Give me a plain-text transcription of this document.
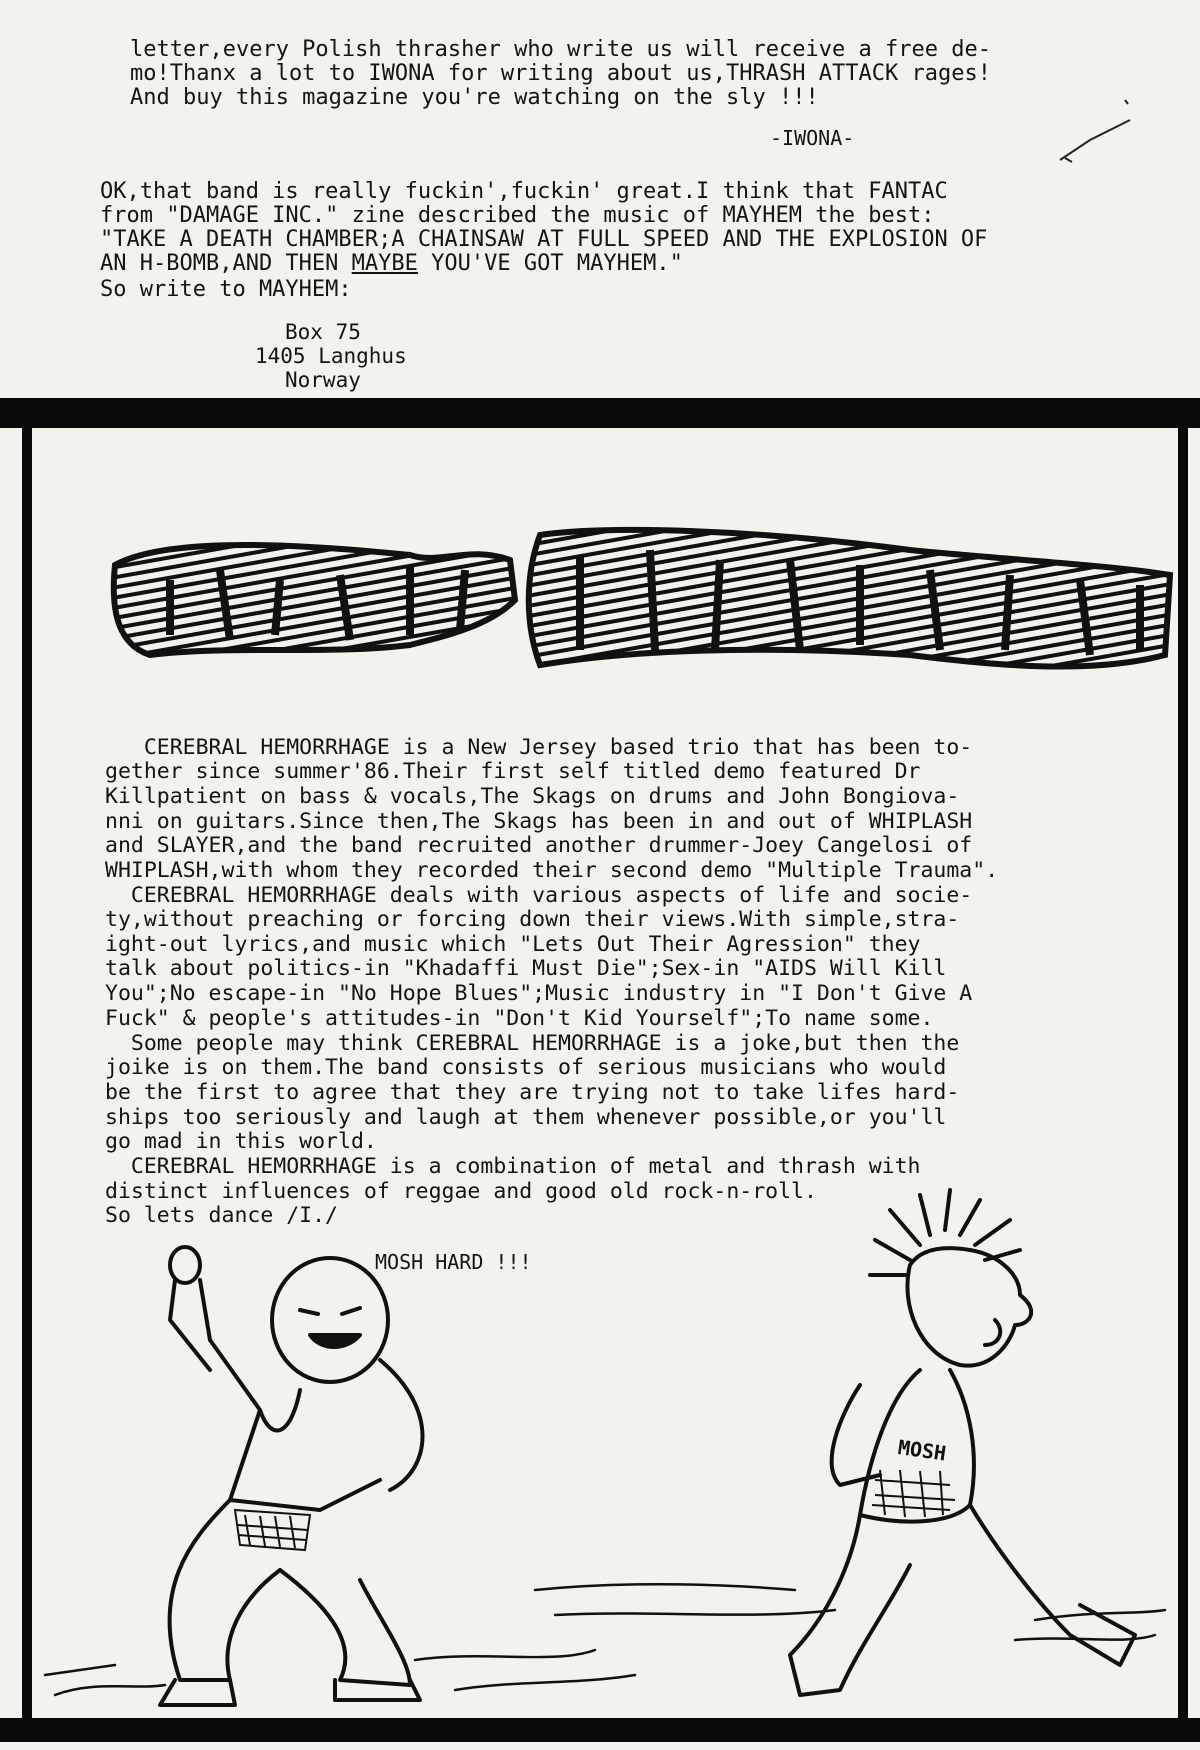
letter,every Polish thrasher who write us will receive a free de-
mo!Thanx a lot to IWONA for writing about us,THRASH ATTACK rages!
And buy this magazine you're watching on the sly !!!
-IWONA-
OK,that band is really fuckin',fuckin' great.I think that FANTAC
from "DAMAGE INC." zine described the music of MAYHEM the best:
"TAKE A DEATH CHAMBER;A CHAINSAW AT FULL SPEED AND THE EXPLOSION OF
AN H-BOMB,AND THEN MAYBE YOU'VE GOT MAYHEM."
So write to MAYHEM:
Box 75
1405 Langhus
Norway
cerebral hemorrhage
CEREBRAL HEMORRHAGE is a New Jersey based trio that has been to-
gether since summer'86.Their first self titled demo featured Dr
Killpatient on bass & vocals,The Skags on drums and John Bongiova-
nni on guitars.Since then,The Skags has been in and out of WHIPLASH
and SLAYER,and the band recruited another drummer-Joey Cangelosi of
WHIPLASH,with whom they recorded their second demo "Multiple Trauma".
CEREBRAL HEMORRHAGE deals with various aspects of life and socie-
ty,without preaching or forcing down their views.With simple,stra-
ight-out lyrics,and music which "Lets Out Their Agression" they
talk about politics-in "Khadaffi Must Die";Sex-in "AIDS Will Kill
You";No escape-in "No Hope Blues";Music industry in "I Don't Give A
Fuck" & people's attitudes-in "Don't Kid Yourself";To name some.
Some people may think CEREBRAL HEMORRHAGE is a joke,but then the
joike is on them.The band consists of serious musicians who would
be the first to agree that they are trying not to take lifes hard-
ships too seriously and laugh at them whenever possible,or you'll
go mad in this world.
CEREBRAL HEMORRHAGE is a combination of metal and thrash with
distinct influences of reggae and good old rock-n-roll.
So lets dance /I./
MOSH HARD !!!
MOSH
